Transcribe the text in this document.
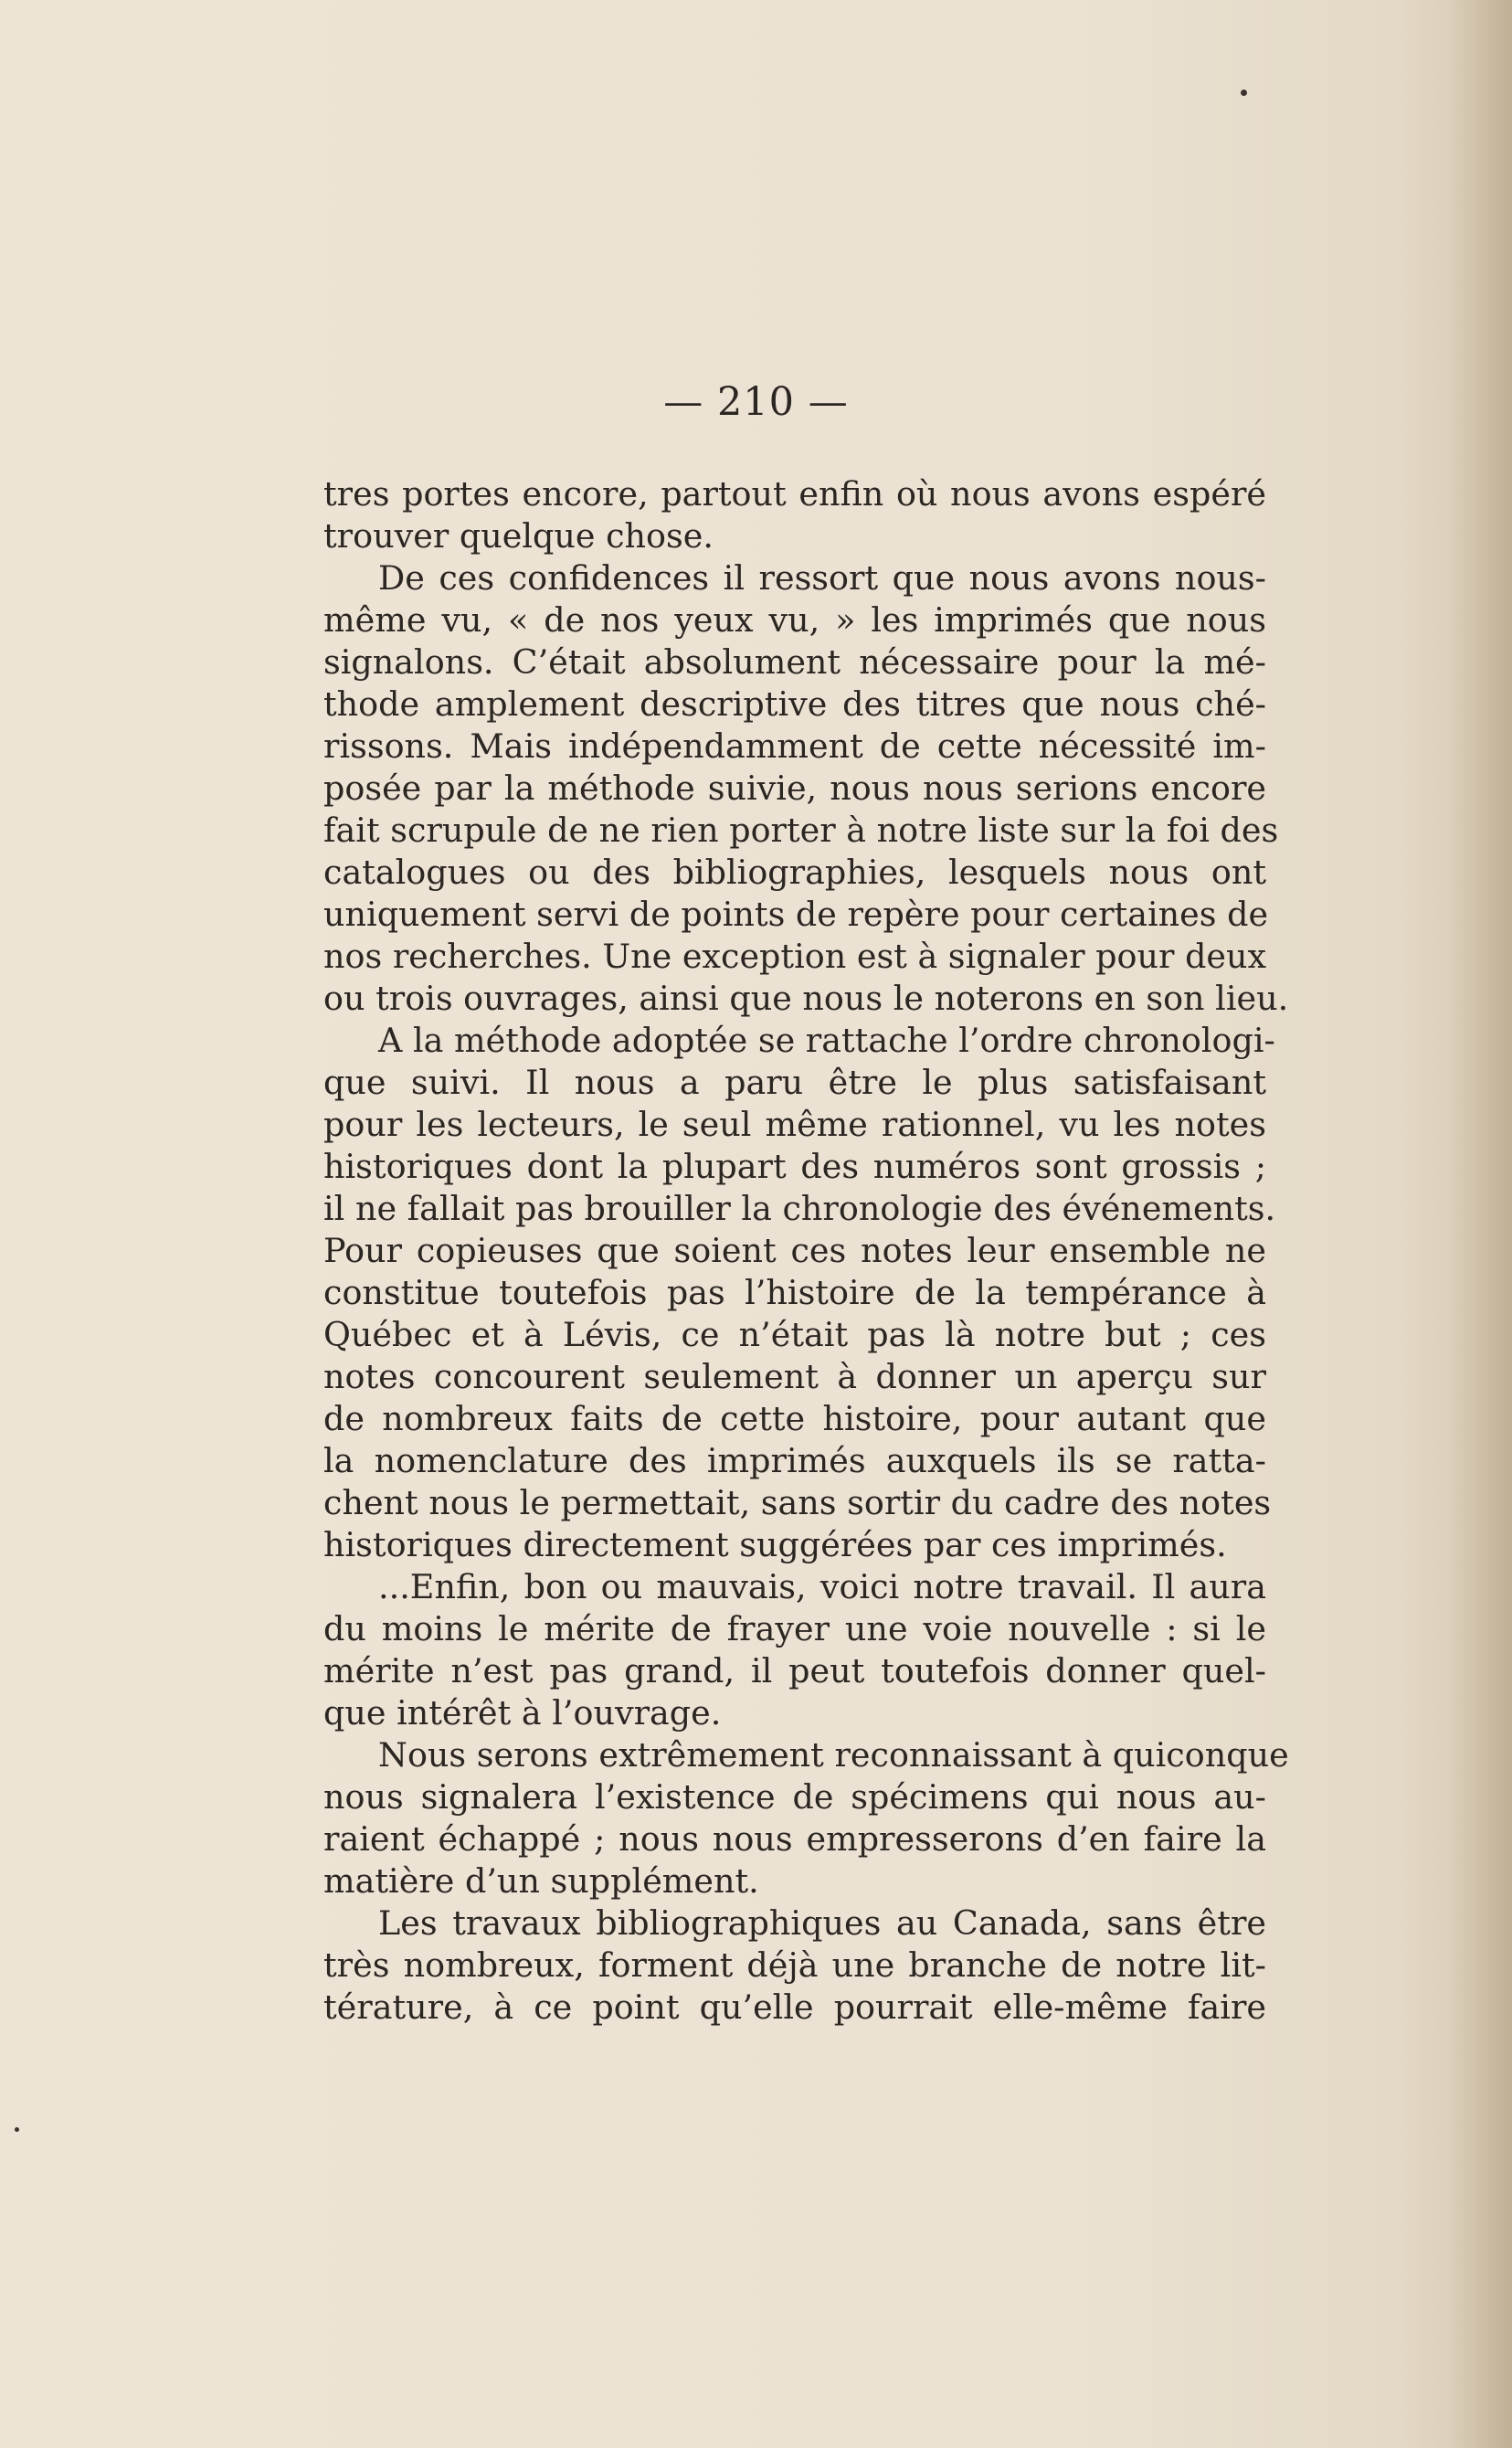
— 210 —
tres portes encore, partout enfin où nous avons espéré
trouver quelque chose.
De ces confidences il ressort que nous avons nous-
même vu, « de nos yeux vu, » les imprimés que nous
signalons. C’était absolument nécessaire pour la mé-
thode amplement descriptive des titres que nous ché-
rissons. Mais indépendamment de cette nécessité im-
posée par la méthode suivie, nous nous serions encore
fait scrupule de ne rien porter à notre liste sur la foi des
catalogues ou des bibliographies, lesquels nous ont
uniquement servi de points de repère pour certaines de
nos recherches. Une exception est à signaler pour deux
ou trois ouvrages, ainsi que nous le noterons en son lieu.
A la méthode adoptée se rattache l’ordre chronologi-
que suivi. Il nous a paru être le plus satisfaisant
pour les lecteurs, le seul même rationnel, vu les notes
historiques dont la plupart des numéros sont grossis ;
il ne fallait pas brouiller la chronologie des événements.
Pour copieuses que soient ces notes leur ensemble ne
constitue toutefois pas l’histoire de la tempérance à
Québec et à Lévis, ce n’était pas là notre but ; ces
notes concourent seulement à donner un aperçu sur
de nombreux faits de cette histoire, pour autant que
la nomenclature des imprimés auxquels ils se ratta-
chent nous le permettait, sans sortir du cadre des notes
historiques directement suggérées par ces imprimés.
...Enfin, bon ou mauvais, voici notre travail. Il aura
du moins le mérite de frayer une voie nouvelle : si le
mérite n’est pas grand, il peut toutefois donner quel-
que intérêt à l’ouvrage.
Nous serons extrêmement reconnaissant à quiconque
nous signalera l’existence de spécimens qui nous au-
raient échappé ; nous nous empresserons d’en faire la
matière d’un supplément.
Les travaux bibliographiques au Canada, sans être
très nombreux, forment déjà une branche de notre lit-
térature, à ce point qu’elle pourrait elle-même faire
